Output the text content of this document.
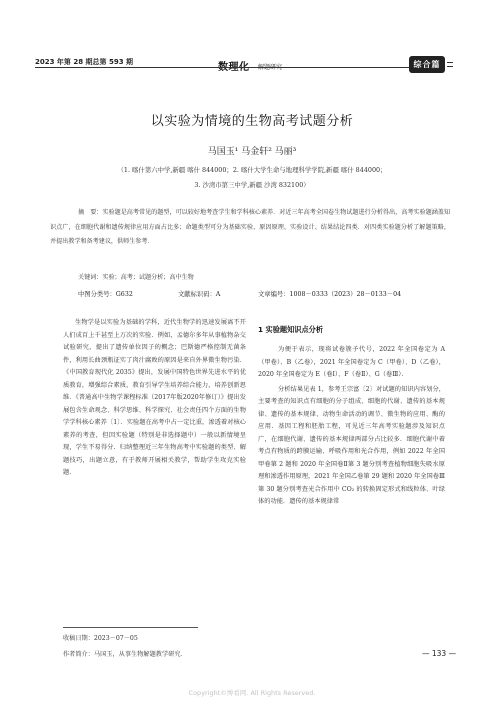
2023 年第 28 期总第 593 期	数理化 解题研究	综合篇
以实验为情境的生物高考试题分析
马国玉¹ 马金轩² 马丽³
（1. 喀什第六中学,新疆 喀什 844000；2. 喀什大学生命与地理科学学院,新疆 喀什 844000；
3. 沙湾市第三中学,新疆 沙湾 832100）
摘　要：实验题是高考常见的题型，可以较好地考查学生和学科核心素养．对近三年高考全国卷生物试题进行分析得出，高考实验题涵盖知识点广，在细胞代谢和遗传规律应用方面占比多；命题类型可分为基础实验、原因原理、实验设计、结果结论四类．对四类实验题分析了解题策略，并提出教学和备考建议，供师生参考．
关键词：实验；高考；试题分析；高中生物
中图分类号：G632	文献标识码：A	文章编号：1008－0333（2023）28－0133－04

生物学是以实验为基础的学科，近代生物学的迅速发展离不开人们成百上千甚至上万次的实验．例如，孟德尔多年从事植物杂交试验研究，提出了遗传单位因子的概念；巴斯德严格控制无菌条件，利用长曲颈瓶证实了肉汁腐败的原因是来自外界微生物污染．《中国教育现代化 2035》提出，发展中国特色世界先进水平的优质教育，增强综合素质，教育引导学生培养综合能力，培养创新思维．《普通高中生物学课程标准（2017年版2020年修订）》提出发展包含生命观念、科学思维、科学探究、社会责任四个方面的生物学学科核心素养〔1〕．实验题在高考中占一定比重，渗透着对核心素养的考查，但因实验题（特别是非选择题中）一般以新情境呈现，学生不易得分．归纳整理近三年生物高考中实验题的类型、解题技巧，出题立意，有于教师开展相关教学，帮助学生攻克实验题．

1 实验题知识点分析

为便于表示，现将试卷簇予代号，2022 年全国卷定为 A（甲卷）、B（乙卷），2021 年全国卷定为 C（甲卷）、D（乙卷），2020 年全国卷定为 E（卷Ⅰ）、F（卷Ⅱ）、G（卷Ⅲ）．

分析结果见表 1，参考王宗富〔2〕对试题的知识内容划分，主要考查的知识点有细胞的分子组成、细胞的代谢、遗传的基本规律、遗传的基本规律、动物生命活动的调节、微生物的应用、酶的应用．基因工程和胚胎工程，可见近三年高考实验题涉及知识点广，在细胞代谢、遗传的基本规律两部分占比较多．细胞代谢中着考点有物质的跨膜运输、呼吸作用和光合作用，例如 2022 年全国甲卷第 2 题和 2020 年全国卷Ⅱ第 3 题分别考查植物细胞失吸水原理和渗透作用原理，2021 年全国乙卷第 29 题和 2020 年全国卷Ⅲ第 30 题分别考查光合作用中 CO₂ 的转换固定形式和线粒体、叶绿体的功能．遗传的基本规律常

收稿日期：2023－07－05
作者简介：马国玉，从事生物解题教学研究．	— 133 —
Copyright©博看网. All Rights Reserved.
